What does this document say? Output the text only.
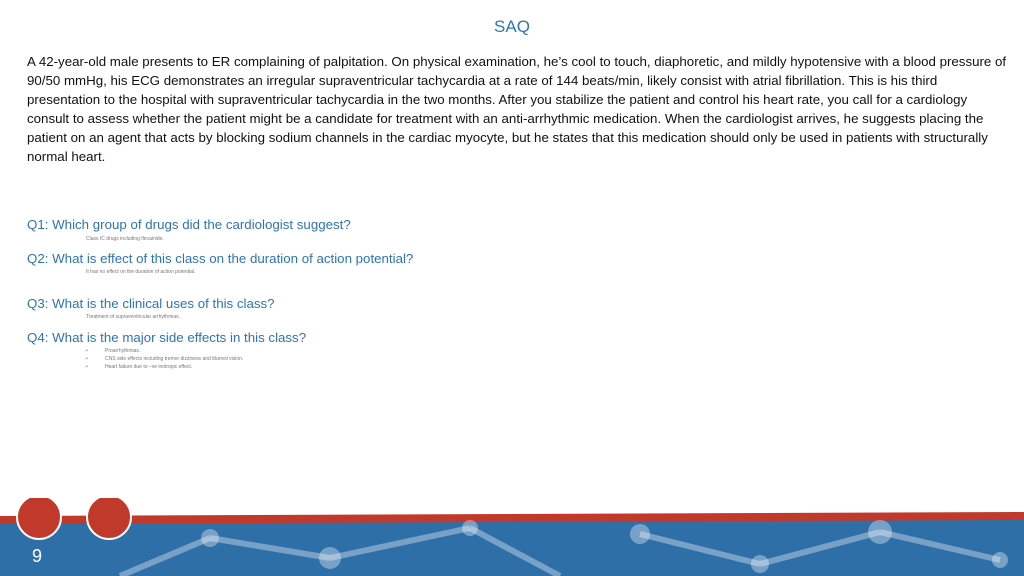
SAQ

A 42-year-old male presents to ER complaining of palpitation. On physical examination, he’s cool to touch, diaphoretic, and mildly hypotensive with a blood pressure of 90/50 mmHg, his ECG demonstrates an irregular supraventricular tachycardia at a rate of 144 beats/min, likely consist with atrial fibrillation. This is his third presentation to the hospital with supraventricular tachycardia in the two months. After you stabilize the patient and control his heart rate, you call for a cardiology consult to assess whether the patient might be a candidate for treatment with an anti-arrhythmic medication. When the cardiologist arrives, he suggests placing the patient on an agent that acts by blocking sodium channels in the cardiac myocyte, but he states that this medication should only be used in patients with structurally normal heart.

Q1: Which group of drugs did the cardiologist suggest?
Class IC drugs including flecainide.
Q2: What is effect of this class on the duration of action potential?
It has no effect on the duration of action potential.
Q3: What is the clinical uses of this class?
Treatment of supraventricular arrhythmias.
Q4: What is the major side effects in this class?
•	Proarrhythmias.
•	CNS side effects including tremor dizziness and blurred vision.
•	Heart failure due to –ve inotropic effect.
9
